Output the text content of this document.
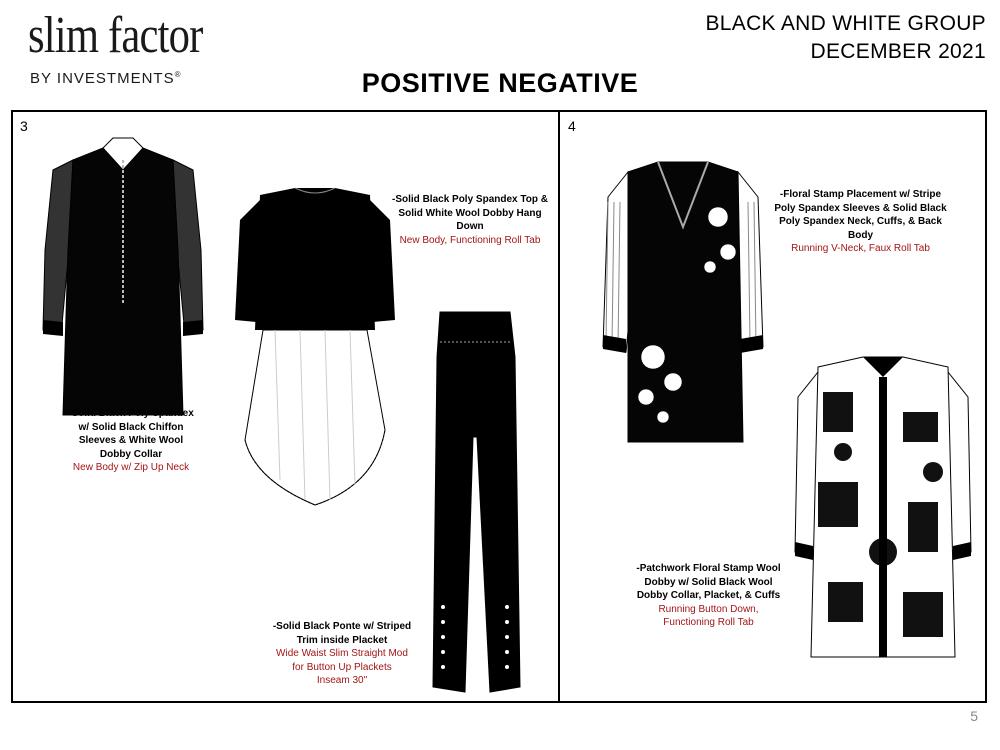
slim factor
BY INVESTMENTS®
BLACK AND WHITE GROUP
DECEMBER 2021
POSITIVE NEGATIVE
3
-Solid Black Poly Spandex
w/ Solid Black Chiffon
Sleeves & White Wool
Dobby Collar
New Body w/ Zip Up Neck
-Solid Black Poly Spandex Top &
Solid White Wool Dobby Hang
Down
New Body, Functioning Roll Tab
-Solid Black Ponte w/ Striped
Trim inside Placket
Wide Waist Slim Straight Mod
for Button Up Plackets
Inseam 30"
4
-Floral Stamp Placement w/ Stripe
Poly Spandex Sleeves & Solid Black
Poly Spandex Neck, Cuffs, & Back
Body
Running V-Neck, Faux Roll Tab
-Patchwork Floral Stamp Wool
Dobby w/ Solid Black Wool
Dobby Collar, Placket, & Cuffs
Running Button Down,
Functioning Roll Tab
5
